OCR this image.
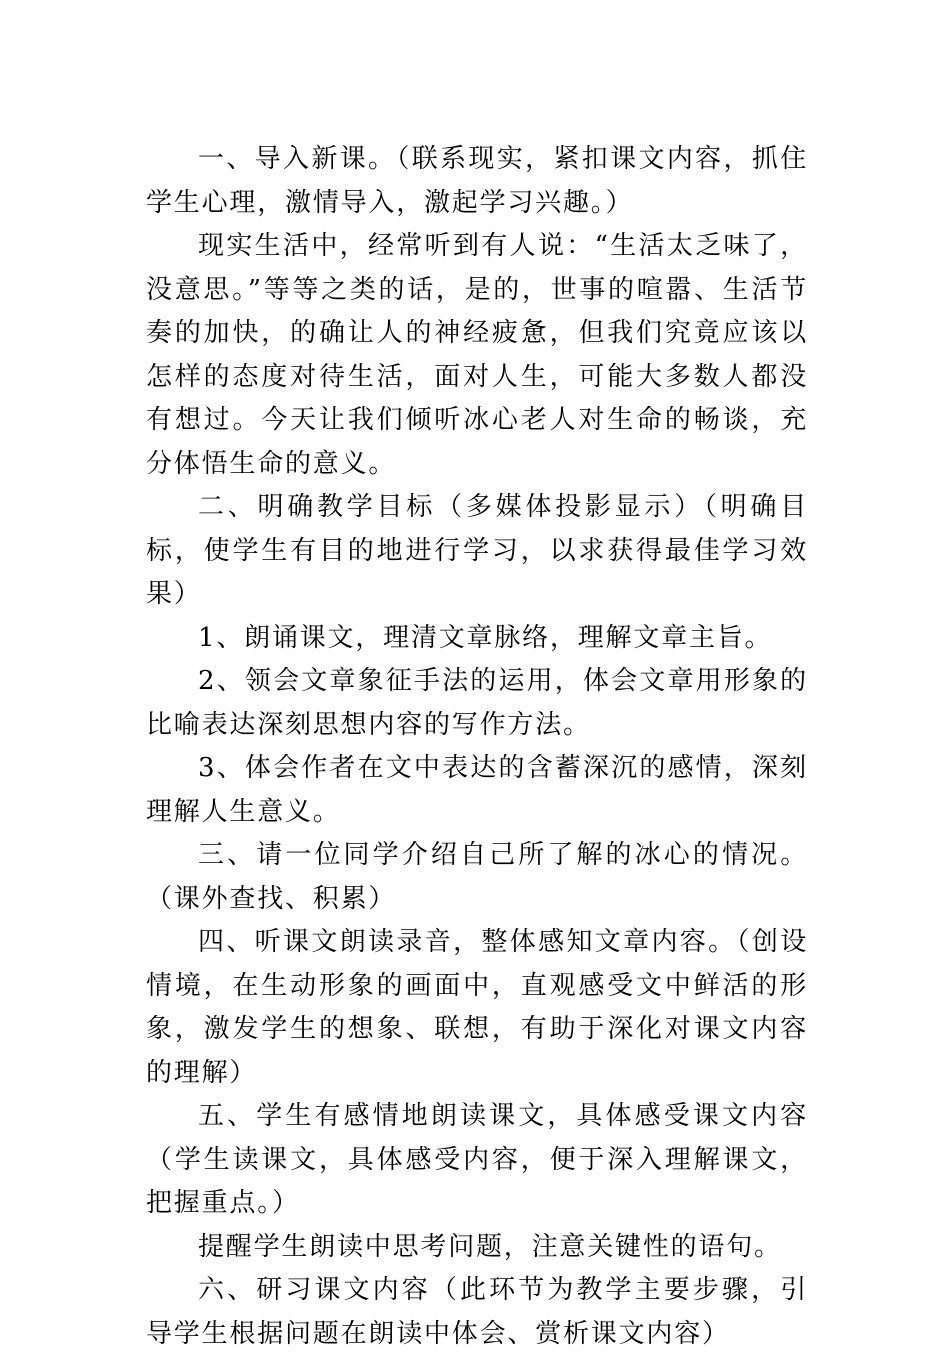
一、导入新课。（联系现实，紧扣课文内容，抓住学生心理，激情导入，激起学习兴趣。）

现实生活中，经常听到有人说：“生活太乏味了，没意思。”等等之类的话，是的，世事的喧嚣、生活节奏的加快，的确让人的神经疲惫，但我们究竟应该以怎样的态度对待生活，面对人生，可能大多数人都没有想过。今天让我们倾听冰心老人对生命的畅谈，充分体悟生命的意义。

二、明确教学目标（多媒体投影显示）（明确目标，使学生有目的地进行学习，以求获得最佳学习效果）

1、朗诵课文，理清文章脉络，理解文章主旨。

2、领会文章象征手法的运用，体会文章用形象的比喻表达深刻思想内容的写作方法。

3、体会作者在文中表达的含蓄深沉的感情，深刻理解人生意义。

三、请一位同学介绍自己所了解的冰心的情况。（课外查找、积累）

四、听课文朗读录音，整体感知文章内容。（创设情境，在生动形象的画面中，直观感受文中鲜活的形象，激发学生的想象、联想，有助于深化对课文内容的理解）

五、学生有感情地朗读课文，具体感受课文内容（学生读课文，具体感受内容，便于深入理解课文，把握重点。）

提醒学生朗读中思考问题，注意关键性的语句。

六、研习课文内容（此环节为教学主要步骤，引导学生根据问题在朗读中体会、赏析课文内容）
